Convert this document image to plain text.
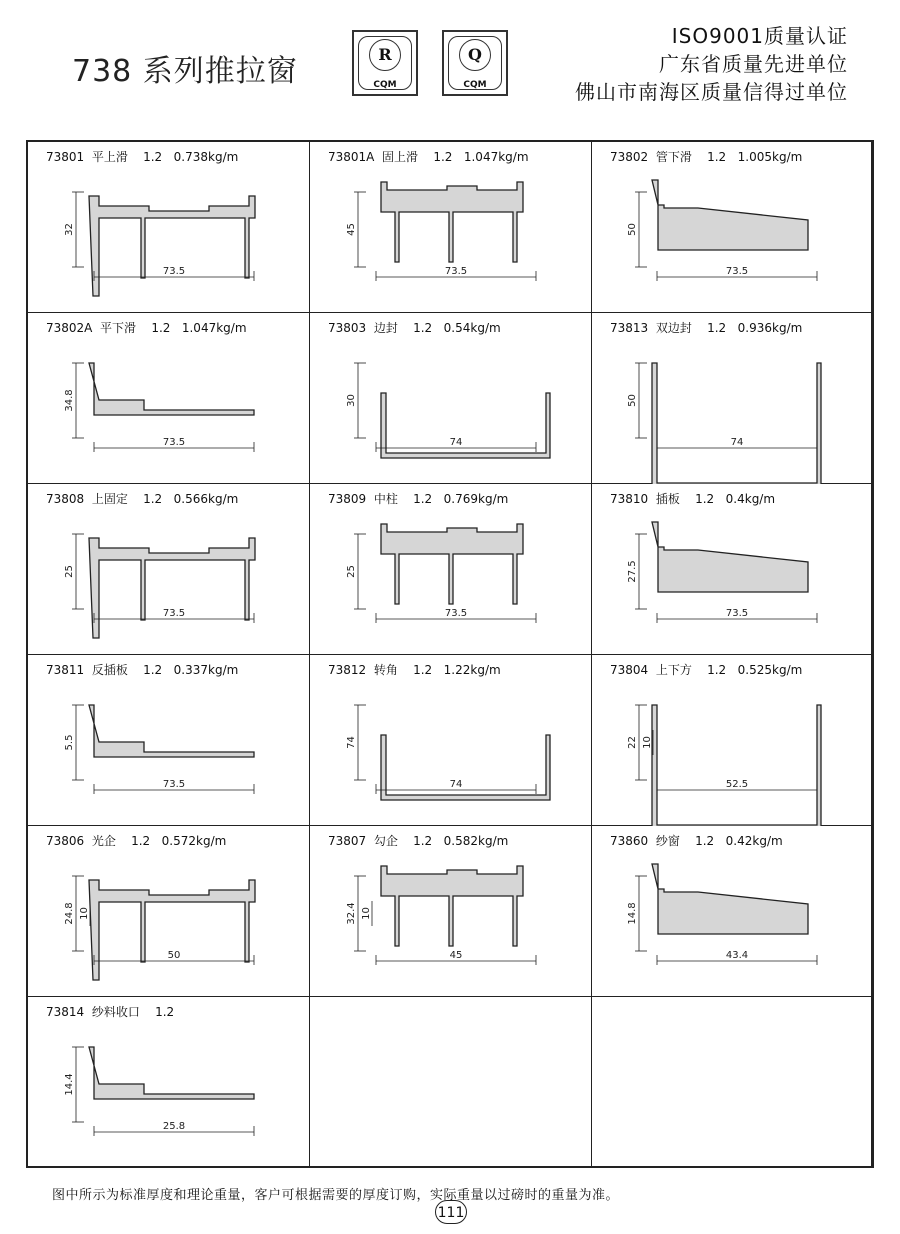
738 系列推拉窗	R
CQM
Q
CQM
ISO9001质量认证
广东省质量先进单位
佛山市南海区质量信得过单位
73801 平上滑 1.2 0.738kg/m
73.5
32
73801A 固上滑 1.2 1.047kg/m
73.5
45
73802 管下滑 1.2 1.005kg/m
73.5
50
73802A 平下滑 1.2 1.047kg/m
73.5
34.8
73803 边封 1.2 0.54kg/m
74
30
73813 双边封 1.2 0.936kg/m
74
50
73808 上固定 1.2 0.566kg/m
73.5
25
73809 中柱 1.2 0.769kg/m
73.5
25
73810 插板 1.2 0.4kg/m
73.5
27.5
73811 反插板 1.2 0.337kg/m
73.5
5.5
73812 转角 1.2 1.22kg/m
74
74
73804 上下方 1.2 0.525kg/m
52.5
22 10
73806 光企 1.2 0.572kg/m
50
24.8 10
73807 勾企 1.2 0.582kg/m
45
32.4 10
73860 纱窗 1.2 0.42kg/m
43.4
14.8
73814 纱料收口 1.2
25.8
14.4
图中所示为标准厚度和理论重量，客户可根据需要的厚度订购，实际重量以过磅时的重量为准。
111
